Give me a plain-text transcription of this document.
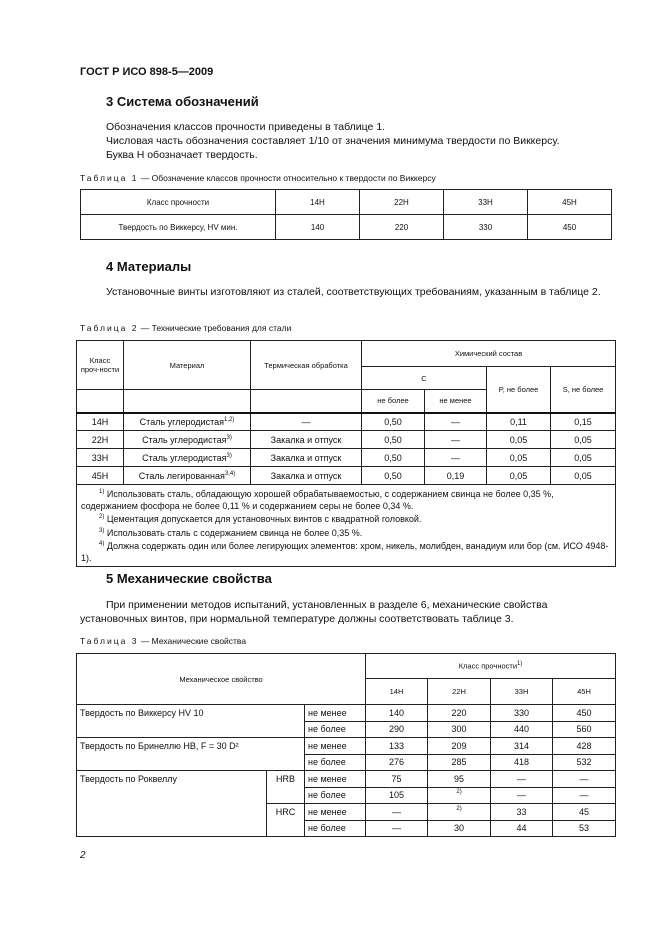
ГОСТ Р ИСО 898-5—2009
3 Система обозначений
Обозначения классов прочности приведены в таблице 1.
Числовая часть обозначения составляет 1/10 от значения минимума твердости по Виккерсу.
Буква H обозначает твердость.
Таблица 1 — Обозначение классов прочности относительно к твердости по Виккерсу
Класс прочности	14H	22H	33H	45H
Твердость по Виккерсу, HV мин.	140	220	330	450
4 Материалы
Установочные винты изготовляют из сталей, соответствующих требованиям, указанным в таблице 2.
Таблица 2 — Технические требования для стали
Класс проч-ности	Материал	Термическая обработка	Химический состав			
			C		P, не более	S, не более
			не более	не менее		
14H	Сталь углеродистая$^{1,2)}$	—	0,50	—	0,11	0,15
22H	Сталь углеродистая$^{3)}$	Закалка и отпуск	0,50	—	0,05	0,05
33H	Сталь углеродистая$^{3)}$	Закалка и отпуск	0,50	—	0,05	0,05
45H	Сталь легированная$^{3,4)}$	Закалка и отпуск	0,50	0,19	0,05	0,05

$^{1)}$ Использовать сталь, обладающую хорошей обрабатываемостью, с содержанием свинца не более 0,35 %, содержанием фосфора не более 0,11 % и содержанием серы не более 0,34 %.
$^{2)}$ Цементация допускается для установочных винтов с квадратной головкой.
$^{3)}$ Использовать сталь с содержанием свинца не более 0,35 %.
$^{4)}$ Должна содержать один или более легирующих элементов: хром, никель, молибден, ванадиум или бор (см. ИСО 4948-1).						
5 Механические свойства
При применении методов испытаний, установленных в разделе 6, механические свойства установочных винтов, при нормальной температуре должны соответствовать таблице 3.
Таблица 3 — Механические свойства
Механическое свойство			Класс прочности$^{1)}$
			14H	22H	33H	45H
Твердость по Виккерсу HV 10		не менее	140	220	330	450
		не более	290	300	440	560
Твердость по Бринеллю HB, F = 30 D²		не менее	133	209	314	428
		не более	276	285	418	532
Твердость по Роквеллу	HRB	не менее	75	95	—	—
		не более	105	$^{2)}$	—	—
	HRC	не менее	—	$^{2)}$	33	45
		не более	—	30	44	53
2
